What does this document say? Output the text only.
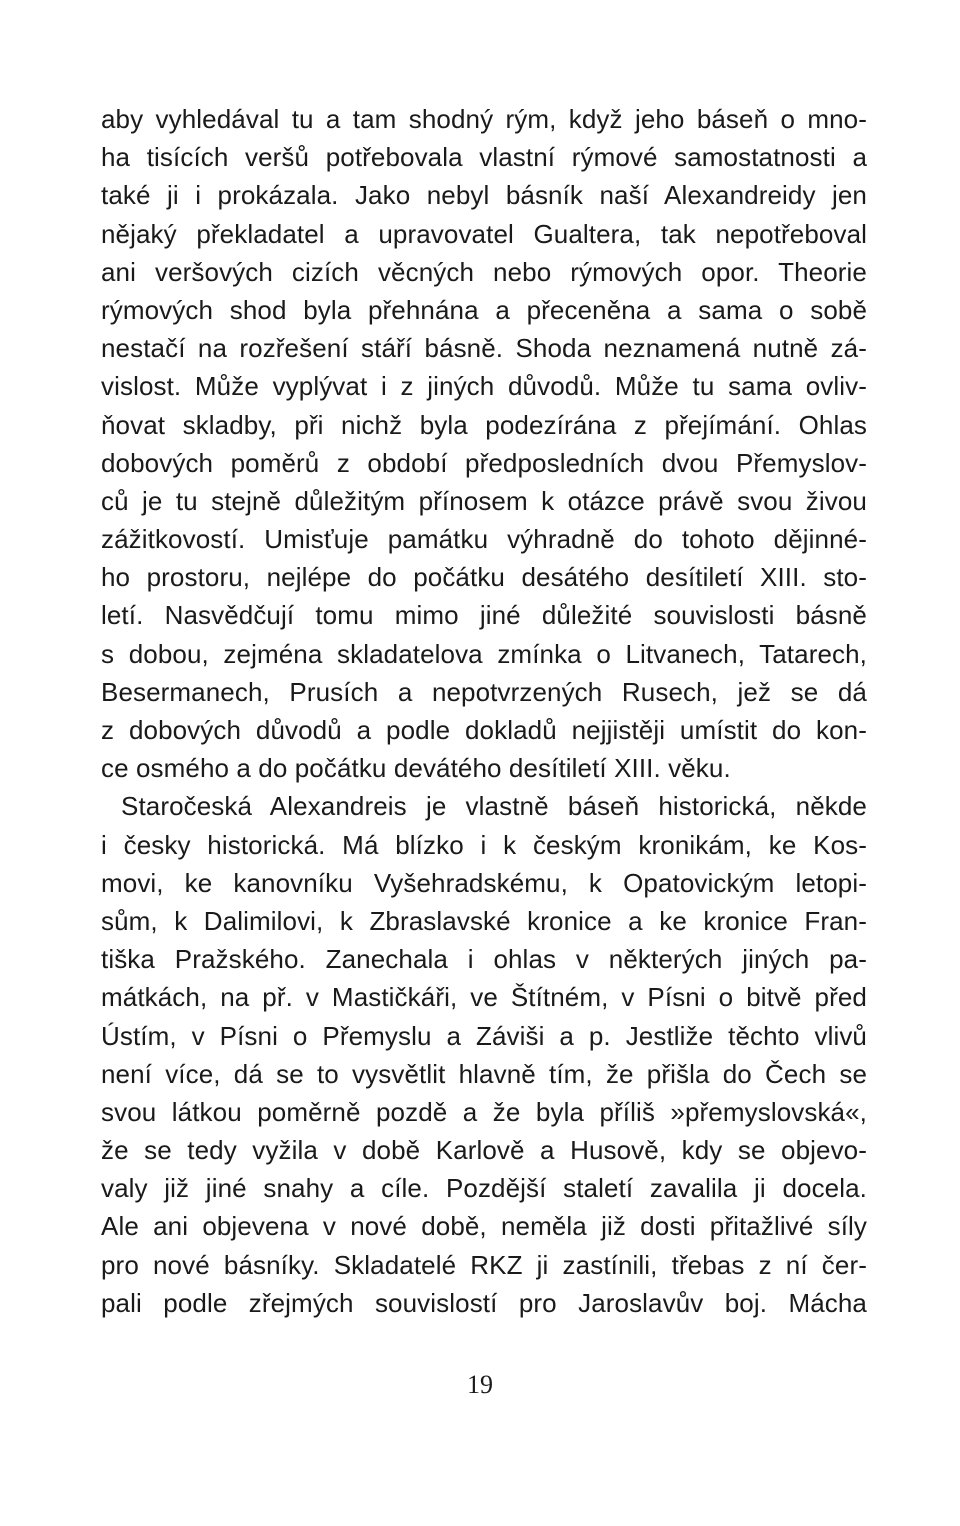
aby vyhledával tu a tam shodný rým, když jeho báseň o mno-
ha tisících veršů potřebovala vlastní rýmové samostatnosti a
také ji i prokázala. Jako nebyl básník naší Alexandreidy jen
nějaký překladatel a upravovatel Gualtera, tak nepotřeboval
ani veršových cizích věcných nebo rýmových opor. Theorie
rýmových shod byla přehnána a přeceněna a sama o sobě
nestačí na rozřešení stáří básně. Shoda neznamená nutně zá-
vislost. Může vyplývat i z jiných důvodů. Může tu sama ovliv-
ňovat skladby, při nichž byla podezírána z přejímání. Ohlas
dobových poměrů z období předposledních dvou Přemyslov-
ců je tu stejně důležitým přínosem k otázce právě svou živou
zážitkovostí. Umisťuje památku výhradně do tohoto dějinné-
ho prostoru, nejlépe do počátku desátého desítiletí XIII. sto-
letí. Nasvědčují tomu mimo jiné důležité souvislosti básně
s dobou, zejména skladatelova zmínka o Litvanech, Tatarech,
Besermanech, Prusích a nepotvrzených Rusech, jež se dá
z dobových důvodů a podle dokladů nejjistěji umístit do kon-
ce osmého a do počátku devátého desítiletí XIII. věku.
Staročeská Alexandreis je vlastně báseň historická, někde
i česky historická. Má blízko i k českým kronikám, ke Kos-
movi, ke kanovníku Vyšehradskému, k Opatovickým letopi-
sům, k Dalimilovi, k Zbraslavské kronice a ke kronice Fran-
tiška Pražského. Zanechala i ohlas v některých jiných pa-
mátkách, na př. v Mastičkáři, ve Štítném, v Písni o bitvě před
Ústím, v Písni o Přemyslu a Záviši a p. Jestliže těchto vlivů
není více, dá se to vysvětlit hlavně tím, že přišla do Čech se
svou látkou poměrně pozdě a že byla příliš »přemyslovská«,
že se tedy vyžila v době Karlově a Husově, kdy se objevo-
valy již jiné snahy a cíle. Pozdější staletí zavalila ji docela.
Ale ani objevena v nové době, neměla již dosti přitažlivé síly
pro nové básníky. Skladatelé RKZ ji zastínili, třebas z ní čer-
pali podle zřejmých souvislostí pro Jaroslavův boj. Mácha
19
